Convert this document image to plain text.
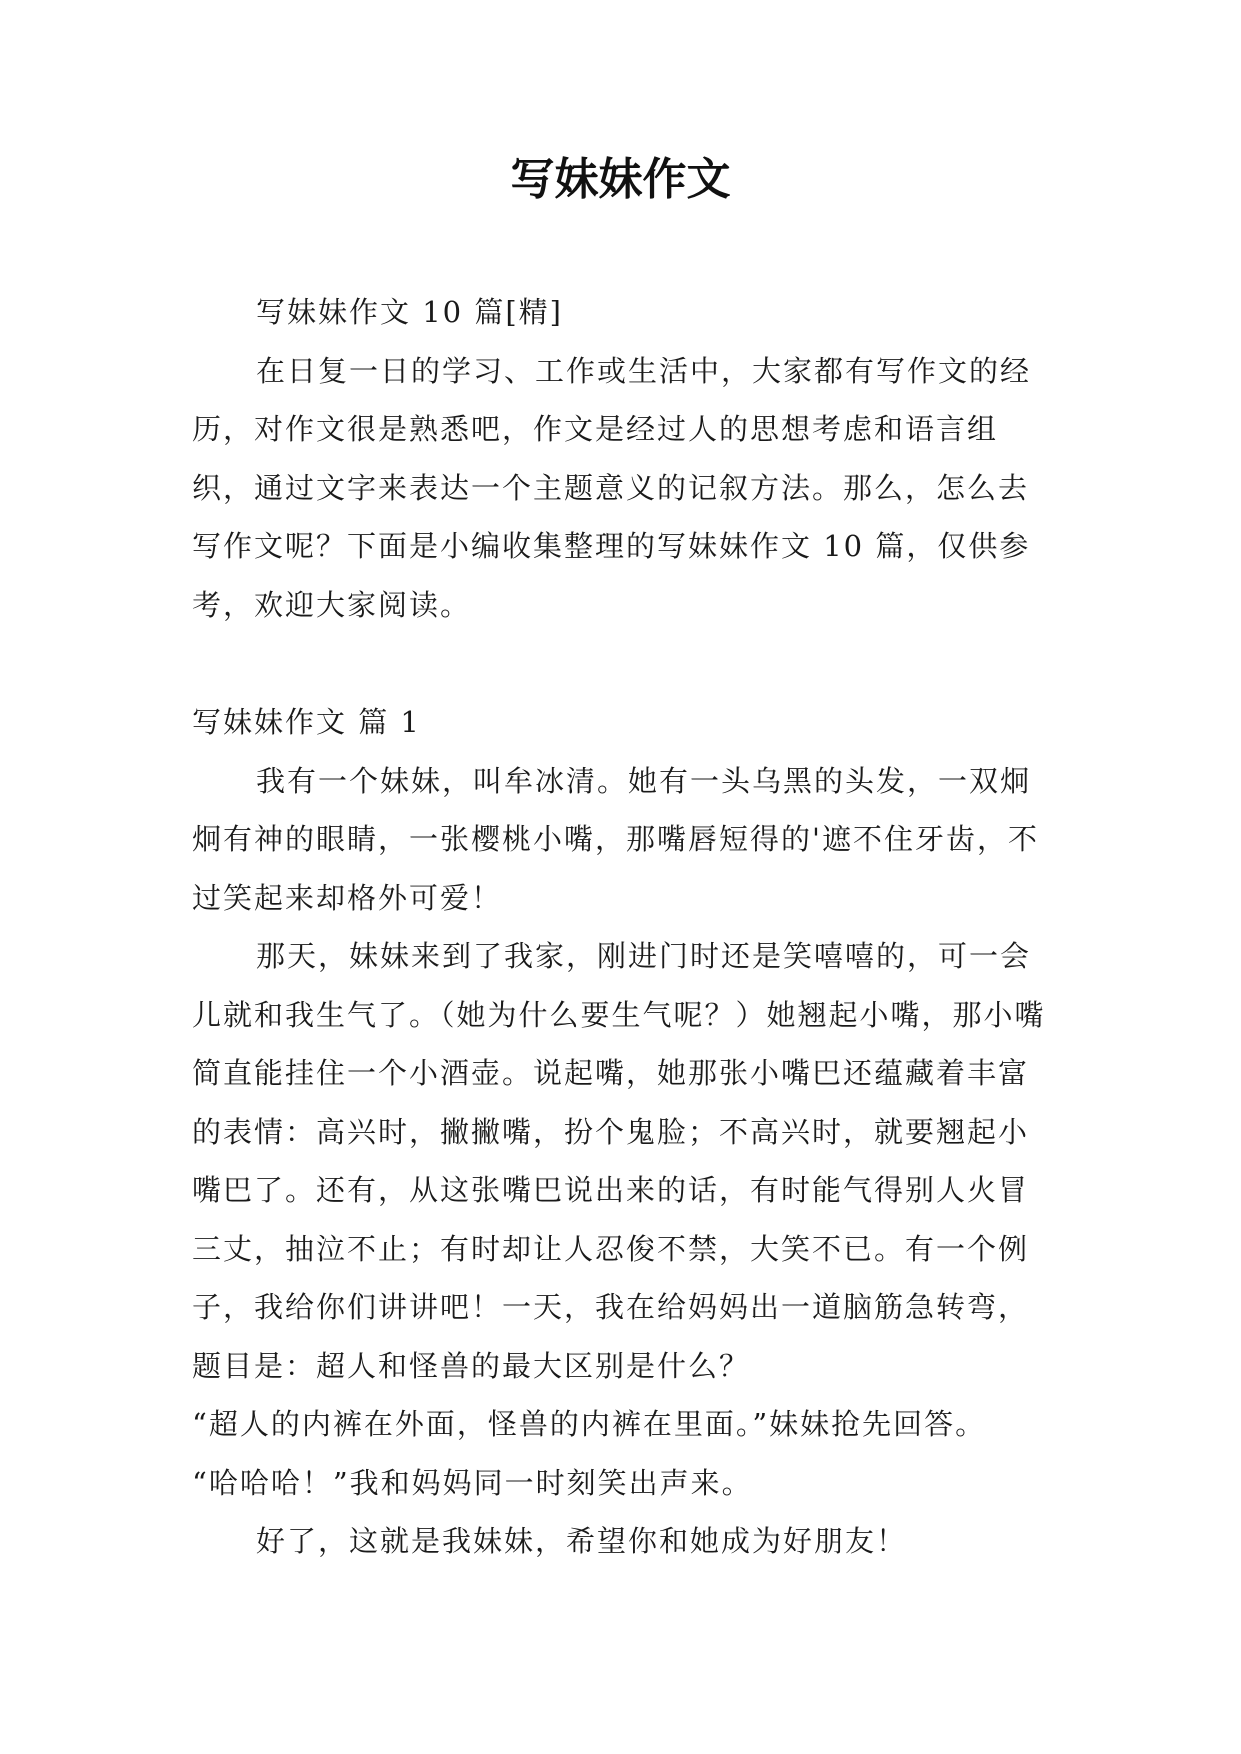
写妹妹作文

写妹妹作文 10 篇[精]

在日复一日的学习、工作或生活中，大家都有写作文的经历，对作文很是熟悉吧，作文是经过人的思想考虑和语言组织，通过文字来表达一个主题意义的记叙方法。那么，怎么去写作文呢？下面是小编收集整理的写妹妹作文 10 篇，仅供参考，欢迎大家阅读。

写妹妹作文 篇 1

我有一个妹妹，叫牟冰清。她有一头乌黑的头发，一双炯炯有神的眼睛，一张樱桃小嘴，那嘴唇短得的'遮不住牙齿，不过笑起来却格外可爱！

那天，妹妹来到了我家，刚进门时还是笑嘻嘻的，可一会儿就和我生气了。（她为什么要生气呢？）她翘起小嘴，那小嘴简直能挂住一个小酒壶。说起嘴，她那张小嘴巴还蕴藏着丰富的表情：高兴时，撇撇嘴，扮个鬼脸；不高兴时，就要翘起小嘴巴了。还有，从这张嘴巴说出来的话，有时能气得别人火冒三丈，抽泣不止；有时却让人忍俊不禁，大笑不已。有一个例子，我给你们讲讲吧！一天，我在给妈妈出一道脑筋急转弯，题目是：超人和怪兽的最大区别是什么？

“超人的内裤在外面，怪兽的内裤在里面。”妹妹抢先回答。

“哈哈哈！”我和妈妈同一时刻笑出声来。

好了，这就是我妹妹，希望你和她成为好朋友！
